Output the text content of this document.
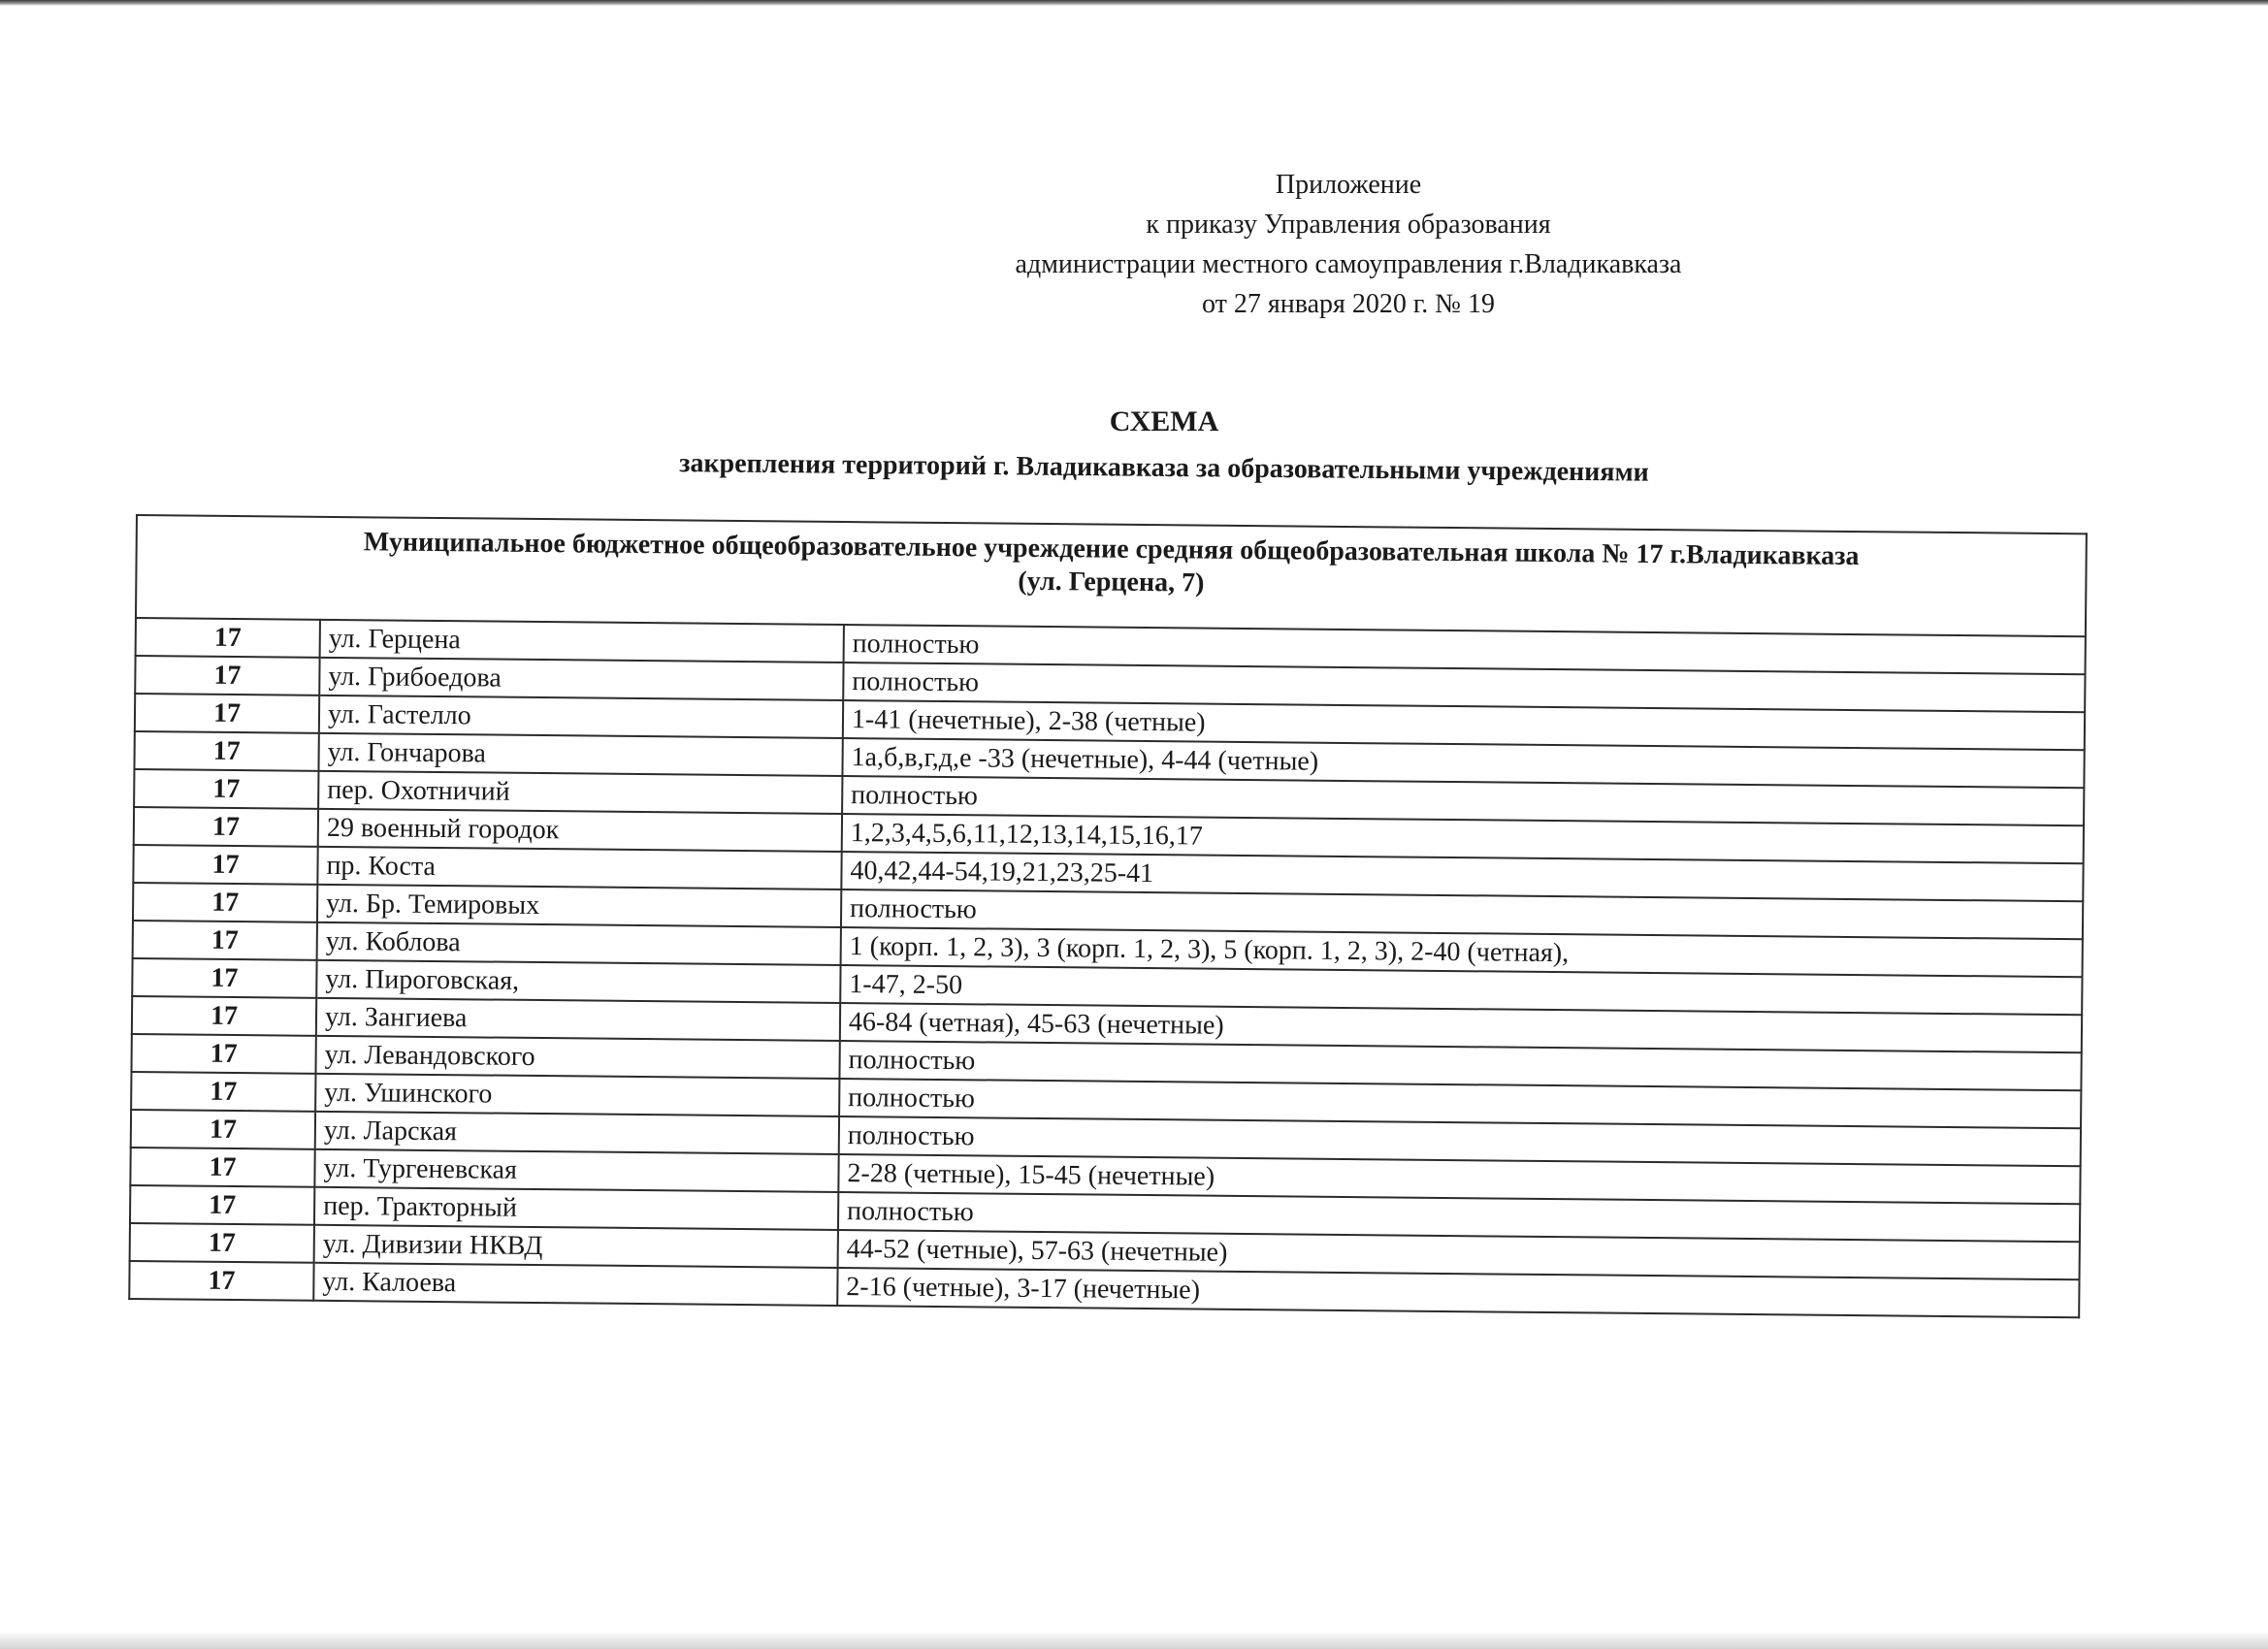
Приложение
к приказу Управления образования
администрации местного самоуправления г.Владикавказа
от 27 января 2020 г. № 19
СХЕМА
закрепления территорий г. Владикавказа за образовательными учреждениями
Муниципальное бюджетное общеобразовательное учреждение средняя общеобразовательная школа № 17 г.Владикавказа
(ул. Герцена, 7)		

17	ул. Герцена	полностью
17	ул. Грибоедова	полностью
17	ул. Гастелло	1-41 (нечетные), 2-38 (четные)
17	ул. Гончарова	1а,б,в,г,д,е -33 (нечетные), 4-44 (четные)
17	пер. Охотничий	полностью
17	29 военный городок	1,2,3,4,5,6,11,12,13,14,15,16,17
17	пр. Коста	40,42,44-54,19,21,23,25-41
17	ул. Бр. Темировых	полностью
17	ул. Коблова	1 (корп. 1, 2, 3), 3 (корп. 1, 2, 3), 5 (корп. 1, 2, 3), 2-40 (четная),
17	ул. Пироговская,	1-47, 2-50
17	ул. Зангиева	46-84 (четная), 45-63 (нечетные)
17	ул. Левандовского	полностью
17	ул. Ушинского	полностью
17	ул. Ларская	полностью
17	ул. Тургеневская	2-28 (четные), 15-45 (нечетные)
17	пер. Тракторный	полностью
17	ул. Дивизии НКВД	44-52 (четные), 57-63 (нечетные)
17	ул. Калоева	2-16 (четные), 3-17 (нечетные)
